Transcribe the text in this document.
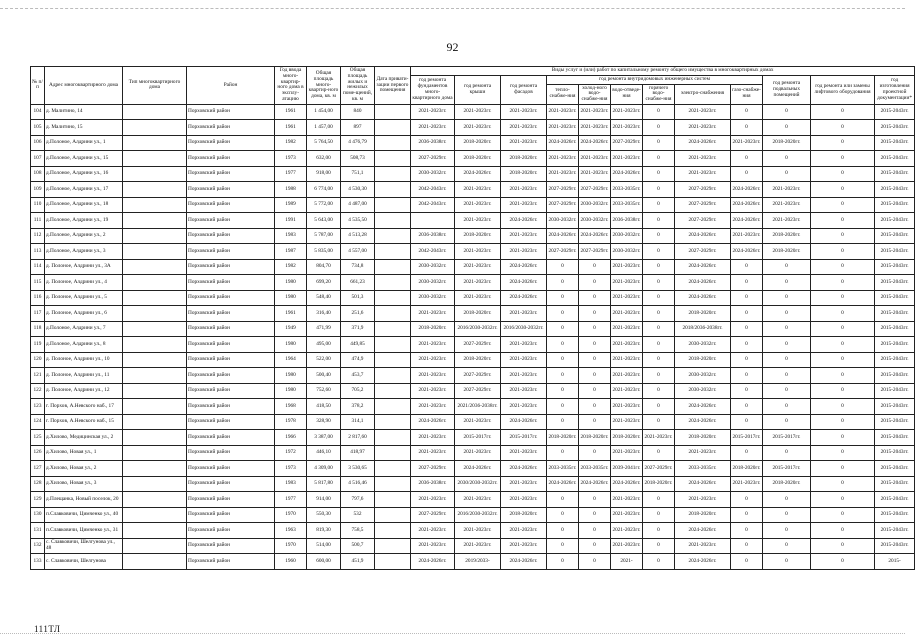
92
№ п/п	Адрес многоквартирного дома	Тип многоквартирного дома	Район	Год ввода много-квартир-ного дома в эксплу-атацию	Общая площадь много-квартир-ного дома, кв. м	Общая площадь жилых и нежилых поме-щений, кв. м	Дата привати-зации первого помещения	Виды услуг и (или) работ по капитальному ремонту общего имущества в многоквартирных домах											
								год ремонта фундаментов много-квартирного дома	год ремонта крыши	год ремонта фасадов	год ремонта внутридомовых инженерных систем						год ремонта подвальных помещений	год ремонта или замены лифтового оборудования	год изготовления проектной документации*
											тепло-снабже-ния	холод-ного водо-снабже-ния	водо-отведе-ния	горячего водо-снабже-ния	электро-снабжения	газо-снабже-ния			
104	д. Малитино, 14		Порховский район	1961	1 454,00	840		2021-2023гг.	2021-2023гг.	2021-2023гг.	2021-2023гг.	2021-2023гг.	2021-2023гг.	0	2021-2023гг.	0	0	0	2015-2043гг.
105	д. Малитино, 15		Порховский район	1961	1 457,00	897		2021-2023гг.	2021-2023гг.	2021-2023гг.	2021-2023гг.	2021-2023гг.	2021-2023гг.	0	2021-2023гг.	0	0	0	2015-2043гг.
106	д.Полоное, Алдрини ул., 1		Порховский район	1982	5 764,50	4 476,79		2036-2038гг.	2018-2020гг.	2021-2023гг.	2024-2026гг.	2024-2026гг.	2027-2029гг.	0	2024-2026гг.	2021-2023гг.	2018-2020гг.	0	2015-2043гг.
107	д.Полоное, Алдрини ул., 15		Порховский район	1973	632,00	508,73		2027-2029гг.	2018-2020гг.	2018-2020гг.	2021-2023гг.	2021-2023гг.	2021-2023гг.	0	2021-2023гг.	0	0	0	2015-2043гг.
108	д.Полоное, Алдрини ул., 16		Порховский район	1977	918,00	751,1		2030-2032гг.	2024-2026гг.	2018-2020гг.	2021-2023гг.	2021-2023гг.	2024-2026гг.	0	2021-2023гг.	0	0	0	2015-2043гг.
109	д.Полоное, Алдрини ул., 17		Порховский район	1988	6 774,00	4 530,30		2042-2043гг.	2021-2023гг.	2021-2023гг.	2027-2029гг.	2027-2029гг.	2033-2035гг.	0	2027-2029гг.	2024-2026гг.	2021-2023гг.	0	2015-2043гг.
110	д.Полоное, Алдрини ул., 18		Порховский район	1989	5 772,00	4 487,00		2042-2043гг.	2021-2023гг.	2021-2023гг.	2027-2029гг.	2030-2032гг.	2033-2035гг.	0	2027-2029гг.	2024-2026гг.	2021-2023гг.	0	2015-2043гг.
111	д.Полоное, Алдрини ул., 19		Порховский район	1991	5 643,00	4 535,50			2021-2023гг.	2024-2026гг.	2030-2032гг.	2030-2032гг.	2036-2038гг.	0	2027-2029гг.	2024-2026гг.	2021-2023гг.	0	2015-2043гг.
112	д.Полоное, Алдрини ул., 2		Порховский район	1983	5 787,00	4 513,28		2036-2038гг.	2018-2020гг.	2021-2023гг.	2024-2026гг.	2024-2026гг.	2030-2032гг.	0	2024-2026гг.	2021-2023гг.	2018-2020гг.	0	2015-2043гг.
113	д.Полоное, Алдрини ул., 3		Порховский район	1987	5 835,00	4 557,00		2042-2043гг.	2021-2023гг.	2021-2023гг.	2027-2029гг.	2027-2029гг.	2030-2032гг.	0	2027-2029гг.	2024-2026гг.	2018-2020гг.	0	2015-2043гг.
114	д. Полоное, Алдрини ул., 3А		Порховский район	1982	804,70	734,8		2030-2032гг.	2021-2023гг.	2024-2026гг.	0	0	2021-2023гг.	0	2024-2026гг.	0	0	0	2015-2043гг.
115	д. Полоное, Алдрини ул., 4		Порховский район	1980	699,20	661,23		2030-2032гг.	2021-2023гг.	2024-2026гг.	0	0	2021-2023гг.	0	2024-2026гг.	0	0	0	2015-2043гг.
116	д. Полоное, Алдрини ул., 5		Порховский район	1980	548,40	501,3		2030-2032гг.	2021-2023гг.	2024-2026гг.	0	0	2021-2023гг.	0	2024-2026гг.	0	0	0	2015-2043гг.
117	д. Полоное, Алдрини ул., 6		Порховский район	1961	316,40	251,6		2021-2023гг.	2018-2020гг.	2021-2023гг.	0	0	2021-2023гг.	0	2018-2020гг.	0	0	0	2015-2043гг.
118	д.Полоное, Алдрини ул., 7		Порховский район	1949	471,99	371,9		2018-2020гг.	2016/2030-2032гг.	2016/2030-2032гг.	0	0	2021-2023гг.	0	2018/2036-2038гг.	0	0	0	2015-2043гг.
119	д.Полоное, Алдрини ул., 8		Порховский район	1980	495,00	449,85		2021-2023гг.	2027-2029гг.	2021-2023гг.	0	0	2021-2023гг.	0	2030-2032гг.	0	0	0	2015-2043гг.
120	д. Полоное, Алдрини ул., 10		Порховский район	1964	522,00	474,9		2021-2023гг.	2018-2020гг.	2021-2023гг.	0	0	2021-2023гг.	0	2018-2020гг.	0	0	0	2015-2043гг.
121	д. Полоное, Алдрини ул., 11		Порховский район	1980	500,40	453,7		2021-2023гг.	2027-2029гг.	2021-2023гг.	0	0	2021-2023гг.	0	2030-2032гг.	0	0	0	2015-2043гг.
122	д. Полоное, Алдрини ул., 12		Порховский район	1980	752,60	705,2		2021-2023гг.	2027-2029гг.	2021-2023гг.	0	0	2021-2023гг.	0	2030-2032гг.	0	0	0	2015-2043гг.
123	г. Порхов, А.Невского наб., 17		Порховский район	1968	418,50	378,2		2021-2023гг.	2021/2036-2038гг.	2021-2023гг.	0	0	2021-2023гг.	0	2024-2026гг.	0	0	0	2015-2043гг.
124	г. Порхов, А.Невского наб., 15		Порховский район	1978	328,90	314,1		2024-2026гг.	2021-2023гг.	2024-2026гг.	0	0	2021-2023гг.	0	2024-2026гг.	0	0	0	2015-2043гг.
125	д.Хилово, Медицинская ул., 2		Порховский район	1966	3 387,00	2 817,60		2021-2023гг.	2015-2017гг.	2015-2017гг.	2018-2020гг.	2018-2020гг.	2018-2020гг.	2021-2023гг.	2018-2020гг.	2015-2017гг.	2015-2017гг.	0	2015-2043гг.
126	д.Хилово, Новая ул., 1		Порховский район	1972	446,10	418,97		2021-2023гг.	2021-2023гг.	2021-2023гг.	0	0	2021-2023гг.	0	2021-2023гг.	0	0	0	2015-2043гг.
127	д.Хилово, Новая ул., 2		Порховский район	1973	4 309,00	3 530,65		2027-2029гг.	2024-2026гг.	2024-2026гг.	2033-2035гг.	2033-2035гг.	2039-2041гг.	2027-2029гг.	2033-2035гг.	2018-2020гг.	2015-2017гг.	0	2015-2043гг.
128	д.Хилово, Новая ул., 3		Порховский район	1983	5 817,80	4 516,46		2036-2038гг.	2030/2030-2032гг.	2021-2023гг.	2024-2026гг.	2024-2026гг.	2024-2026гг.	2018-2020гг.	2024-2026гг.	2021-2023гг.	2018-2020гг.	0	2015-2043гг.
129	д.Плещанка, Новый поселок, 20		Порховский район	1977	914,00	797,6		2021-2023гг.	2021-2023гг.	2021-2023гг.	0	0	2021-2023гг.	0	2021-2023гг.	0	0	0	2015-2043гг.
130	п.Славковичи, Цимченко ул., 40		Порховский район	1970	550,30	532		2027-2029гг.	2016/2030-2032гг.	2018-2020гг.	0	0	2021-2023гг.	0	2018-2020гг.	0	0	0	2015-2043гг.
131	п.Славковичи, Цимченко ул., 31		Порховский район	1963	819,30	758,5		2021-2023гг.	2021-2023гг.	2021-2023гг.	0	0	2021-2023гг.	0	2024-2026гг.	0	0	0	2015-2043гг.
132	с. Славковичи, Шелгунова ул., 48		Порховский район	1970	514,00	500,7		2021-2023гг.	2021-2023гг.	2021-2023гг.	0	0	2021-2023гг.	0	2021-2023гг.	0	0	0	2015-2043гг.
133	с. Славковичи, Шелгунова		Порховский район	1960	600,00	451,9		2024-2026гг.	2019/2033-	2024-2026гг.	0	0	2021-	0	2024-2026гг.	0	0	0	2015-
111ТЛ
